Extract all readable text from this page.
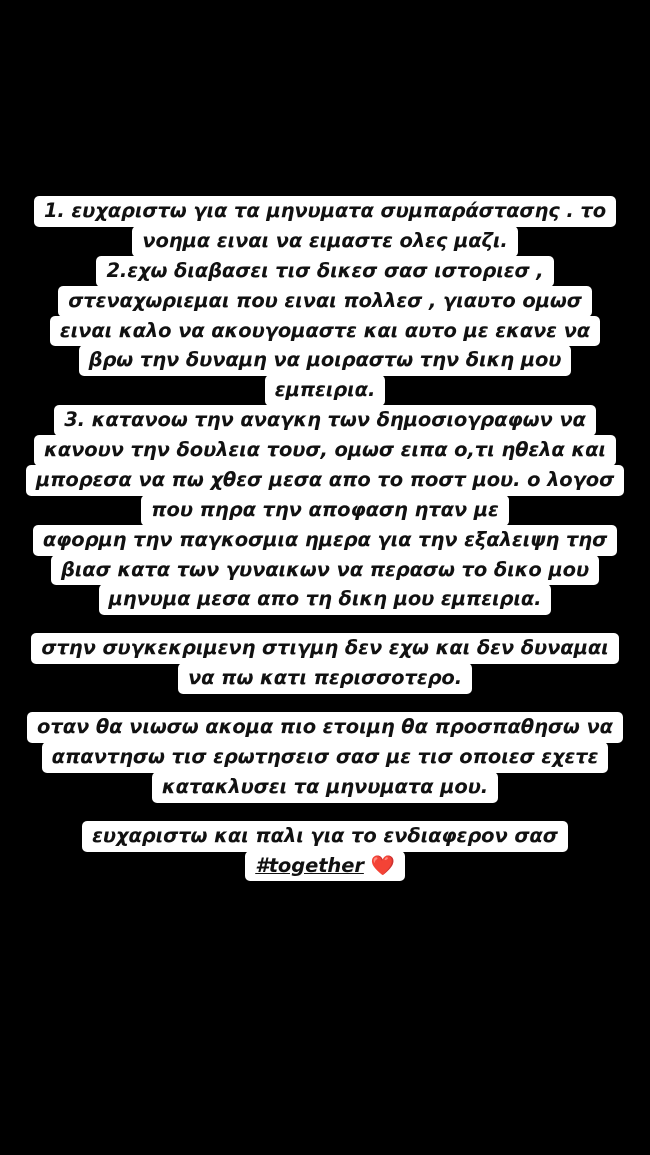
1. ευχαριστω για τα μηνυματα συμπαράστασης . το
νοημα ειναι να ειμαστε ολες μαζι.
2.εχω διαβασει τισ δικεσ σασ ιστοριεσ ,
στεναχωριεμαι που ειναι πολλεσ , γιαυτο ομωσ
ειναι καλο να ακουγομαστε και αυτο με εκανε να
βρω την δυναμη να μοιραστω την δικη μου
εμπειρια.
3. κατανοω την αναγκη των δημοσιογραφων να
κανουν την δουλεια τουσ, ομωσ ειπα ο,τι ηθελα και
μπορεσα να πω χθεσ μεσα απο το ποστ μου. ο λογοσ
που πηρα την αποφαση ηταν με
αφορμη την παγκοσμια ημερα για την εξαλειψη τησ
βιασ κατα των γυναικων να περασω το δικο μου
μηνυμα μεσα απο τη δικη μου εμπειρια.
στην συγκεκριμενη στιγμη δεν εχω και δεν δυναμαι
να πω κατι περισσοτερο.
οταν θα νιωσω ακομα πιο ετοιμη θα προσπαθησω να
απαντησω τισ ερωτησεισ σασ με τισ οποιεσ εχετε
κατακλυσει τα μηνυματα μου.
ευχαριστω και παλι για το ενδιαφερον σασ
#together ❤️
